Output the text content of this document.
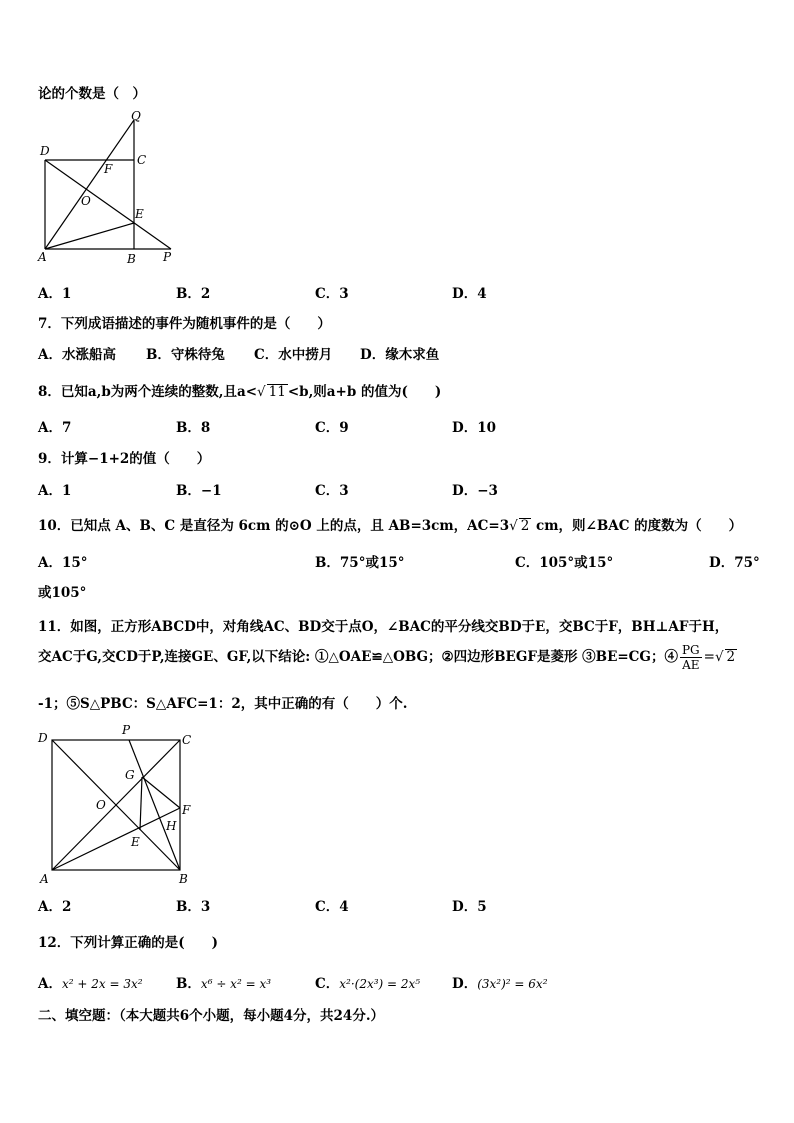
论的个数是（　）
Q
D
C
F
O
E
A	B P
A．1	B．2	C．3	D．4
7．下列成语描述的事件为随机事件的是（　　）
A．水涨船高 B．守株待兔 C．水中捞月 D．缘木求鱼
8．已知a,b为两个连续的整数,且a<√ 11 <b,则a+b 的值为(　　)
A．7	B．8	C．9	D．10
9．计算−1+2的值（　　）
A．1	B．−1	C．3	D．−3
10．已知点 A、B、C 是直径为 6cm 的⊙O 上的点，且 AB=3cm，AC=3√ 2 cm，则∠BAC 的度数为（　　）
A．15°	B．75°或15°	C．105°或15°	D．75°
或105°
11．如图，正方形ABCD中，对角线AC、BD交于点O，∠BAC的平分线交BD于E，交BC于F，BH⊥AF于H，
交AC于G,交CD于P,连接GE、GF,以下结论: ①△OAE≌△OBG；②四边形BEGF是菱形 ③BE=CG；④ $\frac{PG}{AE}$ =√ 2
-1；⑤S△PBC：S△AFC=1：2，其中正确的有（　　）个.
P
D	C
G
O	F
H
E
A	B
A．2	B．3	C．4	D．5
12．下列计算正确的是(　　)
A．x² + 2x = 3x² B．x⁶ ÷ x² = x³	C．x²·(2x³) = 2x⁵ D．(3x²)² = 6x²
二、填空题：（本大题共6个小题，每小题4分，共24分.）
